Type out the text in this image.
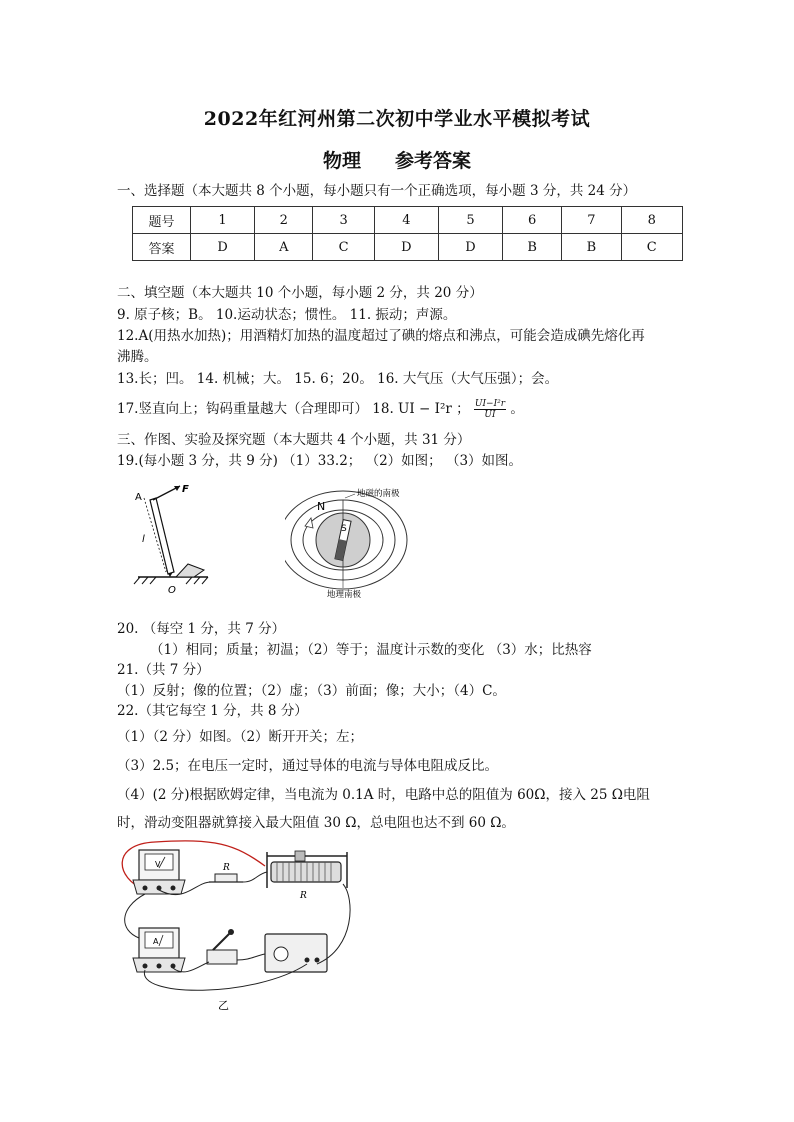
2022年红河州第二次初中学业水平模拟考试
物理 参考答案
一、选择题（本大题共 8 个小题，每小题只有一个正确选项，每小题 3 分，共 24 分）
题号	1	2	3	4	5	6	7	8
答案	D	A	C	D	D	B	B	C
二、填空题（本大题共 10 个小题，每小题 2 分，共 20 分）
9. 原子核；B。 10.运动状态；惯性。 11. 振动；声源。
12.A(用热水加热)；用酒精灯加热的温度超过了碘的熔点和沸点，可能会造成碘先熔化再
沸腾。
13.长；凹。 14. 机械；大。 15. 6；20。 16. 大气压（大气压强）；会。
17.竖直向上；钩码重量越大（合理即可） 18. UI − I²r ； $\frac{\text{UI−I²r}}{UI}$ 。
三、作图、实验及探究题（本大题共 4 个小题，共 31 分）
19.(每小题 3 分，共 9 分) （1）33.2； （2）如图； （3）如图。
A
F
l
O
S
N
地磁的南极
地理南极
20. （每空 1 分，共 7 分）
（1）相同；质量；初温；（2）等于；温度计示数的变化 （3）水；比热容
21.（共 7 分）
（1）反射；像的位置；（2）虚；（3）前面；像；大小；（4）C。
22.（其它每空 1 分，共 8 分）
（1）（2 分）如图。（2）断开开关；左；
（3）2.5；在电压一定时，通过导体的电流与导体电阻成反比。
（4）(2 分)根据欧姆定律，当电流为 0.1A 时，电路中总的阻值为 60Ω，接入 25 Ω电阻
时，滑动变阻器就算接入最大阻值 30 Ω，总电阻也达不到 60 Ω。
V	R
R
A
乙
